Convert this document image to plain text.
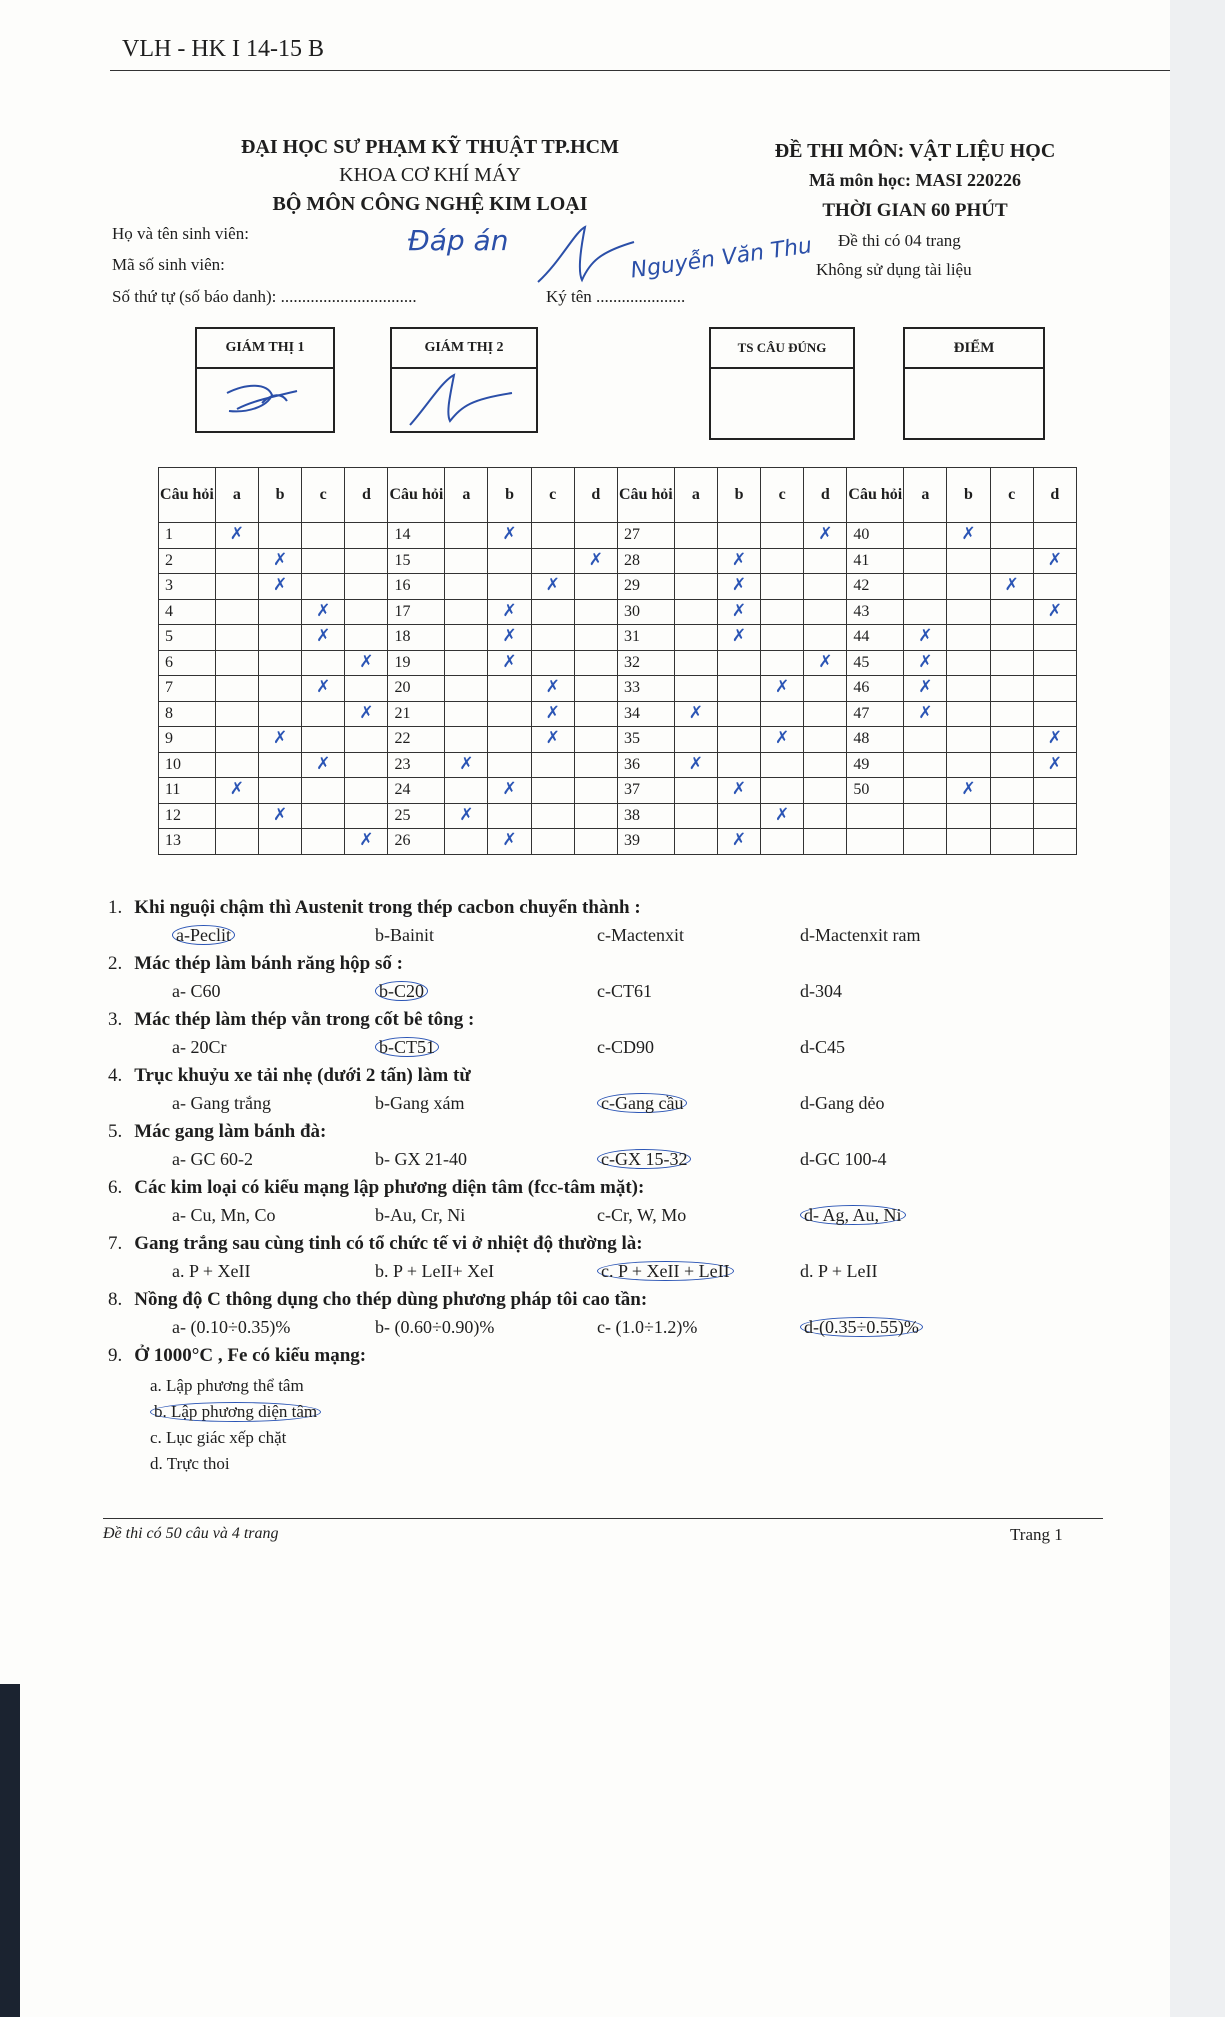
VLH - HK I 14-15 B
ĐẠI HỌC SƯ PHẠM KỸ THUẬT TP.HCM
KHOA CƠ KHÍ MÁY
BỘ MÔN CÔNG NGHỆ KIM LOẠI
ĐỀ THI MÔN: VẬT LIỆU HỌC
Mã môn học: MASI 220226
THỜI GIAN 60 PHÚT
Đề thi có 04 trang
Không sử dụng tài liệu
Họ và tên sinh viên:
Mã số sinh viên:
Số thứ tự (số báo danh): ................................	Ký tên .....................
Đáp án	Nguyễn Văn Thu
GIÁM THỊ 1	GIÁM THỊ 2	TS CÂU ĐÚNG	ĐIỂM
Câu hỏi	a	b	c	d	Câu hỏi	a	b	c	d	Câu hỏi	a	b	c	d	Câu hỏi	a	b	c	d
1	✗				14		✗			27				✗	40		✗		
2		✗			15				✗	28		✗			41				✗
3		✗			16			✗		29		✗			42			✗	
4			✗		17		✗			30		✗			43				✗
5			✗		18		✗			31		✗			44	✗			
6				✗	19		✗			32				✗	45	✗			
7			✗		20			✗		33			✗		46	✗			
8				✗	21			✗		34	✗				47	✗			
9		✗			22			✗		35			✗		48				✗
10			✗		23	✗				36	✗				49				✗
11	✗				24		✗			37		✗			50		✗		
12		✗			25	✗				38			✗						
13				✗	26		✗			39		✗							
1. Khi nguội chậm thì Austenit trong thép cacbon chuyển thành :
a-Peclit	b-Bainit	c-Mactenxit	d-Mactenxit ram
2. Mác thép làm bánh răng hộp số :
a- C60	b-C20	c-CT61	d-304
3. Mác thép làm thép vằn trong cốt bê tông :
a- 20Cr	b-CT51	c-CD90	d-C45
4. Trục khuỷu xe tải nhẹ (dưới 2 tấn) làm từ
a- Gang trắng	b-Gang xám	c-Gang cầu	d-Gang dẻo
5. Mác gang làm bánh đà:
a- GC 60-2	b- GX 21-40	c-GX 15-32	d-GC 100-4
6. Các kim loại có kiểu mạng lập phương diện tâm (fcc-tâm mặt):
a- Cu, Mn, Co	b-Au, Cr, Ni	c-Cr, W, Mo	d- Ag, Au, Ni
7. Gang trắng sau cùng tinh có tổ chức tế vi ở nhiệt độ thường là:
a. P + XeII	b. P + LeII+ XeI	c. P + XeII + LeII	d. P + LeII
8. Nồng độ C thông dụng cho thép dùng phương pháp tôi cao tần:
a- (0.10÷0.35)%	b- (0.60÷0.90)%	c- (1.0÷1.2)%	d-(0.35÷0.55)%
9. Ở 1000°C , Fe có kiểu mạng:
a. Lập phương thể tâm
b. Lập phương diện tâm
c. Lục giác xếp chặt
d. Trực thoi
Đề thi có 50 câu và 4 trang	Trang 1
